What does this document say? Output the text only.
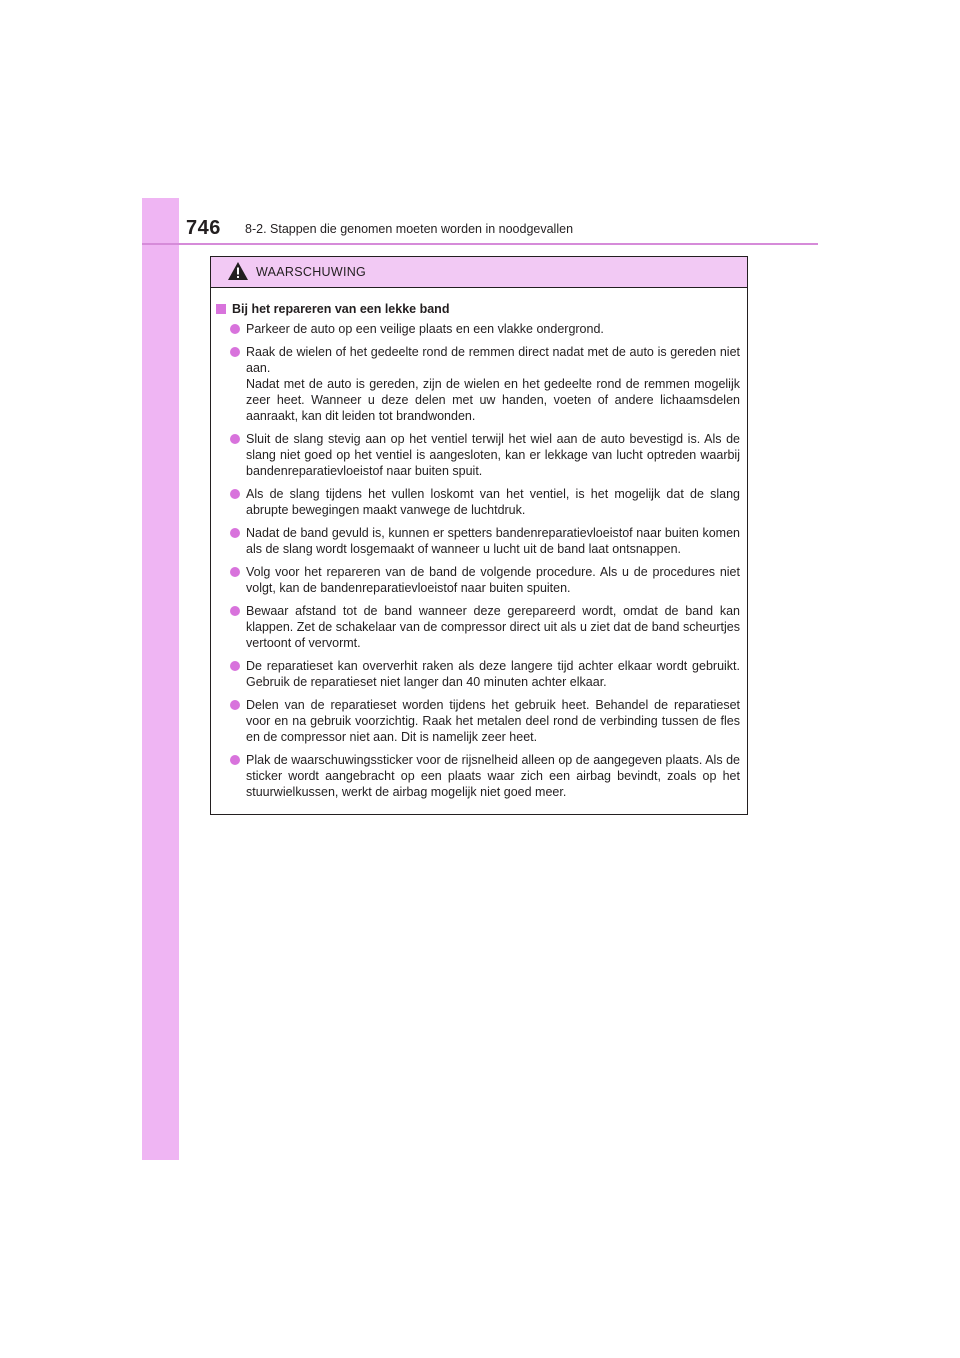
746 8-2. Stappen die genomen moeten worden in noodgevallen
WAARSCHUWING
Bij het repareren van een lekke band
Parkeer de auto op een veilige plaats en een vlakke ondergrond.
Raak de wielen of het gedeelte rond de remmen direct nadat met de auto is gereden niet aan.
Nadat met de auto is gereden, zijn de wielen en het gedeelte rond de remmen mogelijk zeer heet. Wanneer u deze delen met uw handen, voeten of andere lichaamsdelen aanraakt, kan dit leiden tot brandwonden.
Sluit de slang stevig aan op het ventiel terwijl het wiel aan de auto bevestigd is. Als de slang niet goed op het ventiel is aangesloten, kan er lekkage van lucht optreden waarbij bandenreparatievloeistof naar buiten spuit.
Als de slang tijdens het vullen loskomt van het ventiel, is het mogelijk dat de slang abrupte bewegingen maakt vanwege de luchtdruk.
Nadat de band gevuld is, kunnen er spetters bandenreparatievloeistof naar buiten komen als de slang wordt losgemaakt of wanneer u lucht uit de band laat ontsnappen.
Volg voor het repareren van de band de volgende procedure. Als u de procedures niet volgt, kan de bandenreparatievloeistof naar buiten spuiten.
Bewaar afstand tot de band wanneer deze gerepareerd wordt, omdat de band kan klappen. Zet de schakelaar van de compressor direct uit als u ziet dat de band scheurtjes vertoont of vervormt.
De reparatieset kan oververhit raken als deze langere tijd achter elkaar wordt gebruikt. Gebruik de reparatieset niet langer dan 40 minuten achter elkaar.
Delen van de reparatieset worden tijdens het gebruik heet. Behandel de reparatieset voor en na gebruik voorzichtig. Raak het metalen deel rond de verbinding tussen de fles en de compressor niet aan. Dit is namelijk zeer heet.
Plak de waarschuwingssticker voor de rijsnelheid alleen op de aangegeven plaats. Als de sticker wordt aangebracht op een plaats waar zich een airbag bevindt, zoals op het stuurwielkussen, werkt de airbag mogelijk niet goed meer.
